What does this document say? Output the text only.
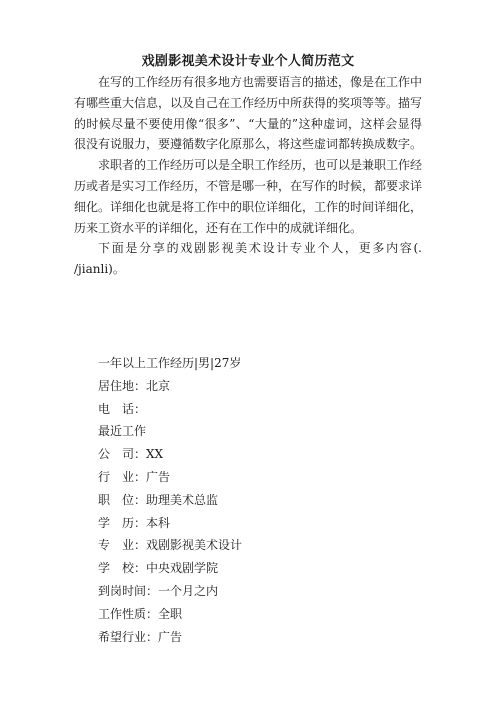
戏剧影视美术设计专业个人简历范文

在写的工作经历有很多地方也需要语言的描述，像是在工作中有哪些重大信息，以及自己在工作经历中所获得的奖项等等。描写的时候尽量不要使用像“很多”、“大量的”这种虚词，这样会显得很没有说服力，要遵循数字化原那么，将这些虚词都转换成数字。

求职者的工作经历可以是全职工作经历，也可以是兼职工作经历或者是实习工作经历，不管是哪一种，在写作的时候，都要求详细化。详细化也就是将工作中的职位详细化，工作的时间详细化，历来工资水平的详细化，还有在工作中的成就详细化。

下面是分享的戏剧影视美术设计专业个人，更多内容(. /jianli)。

一年以上工作经历|男|27岁
居住地：北京
电　话：
最近工作
公　司：XX
行　业：广告
职　位：助理美术总监
学　历：本科
专　业：戏剧影视美术设计
学　校：中央戏剧学院
到岗时间：一个月之内
工作性质：全职
希望行业：广告
